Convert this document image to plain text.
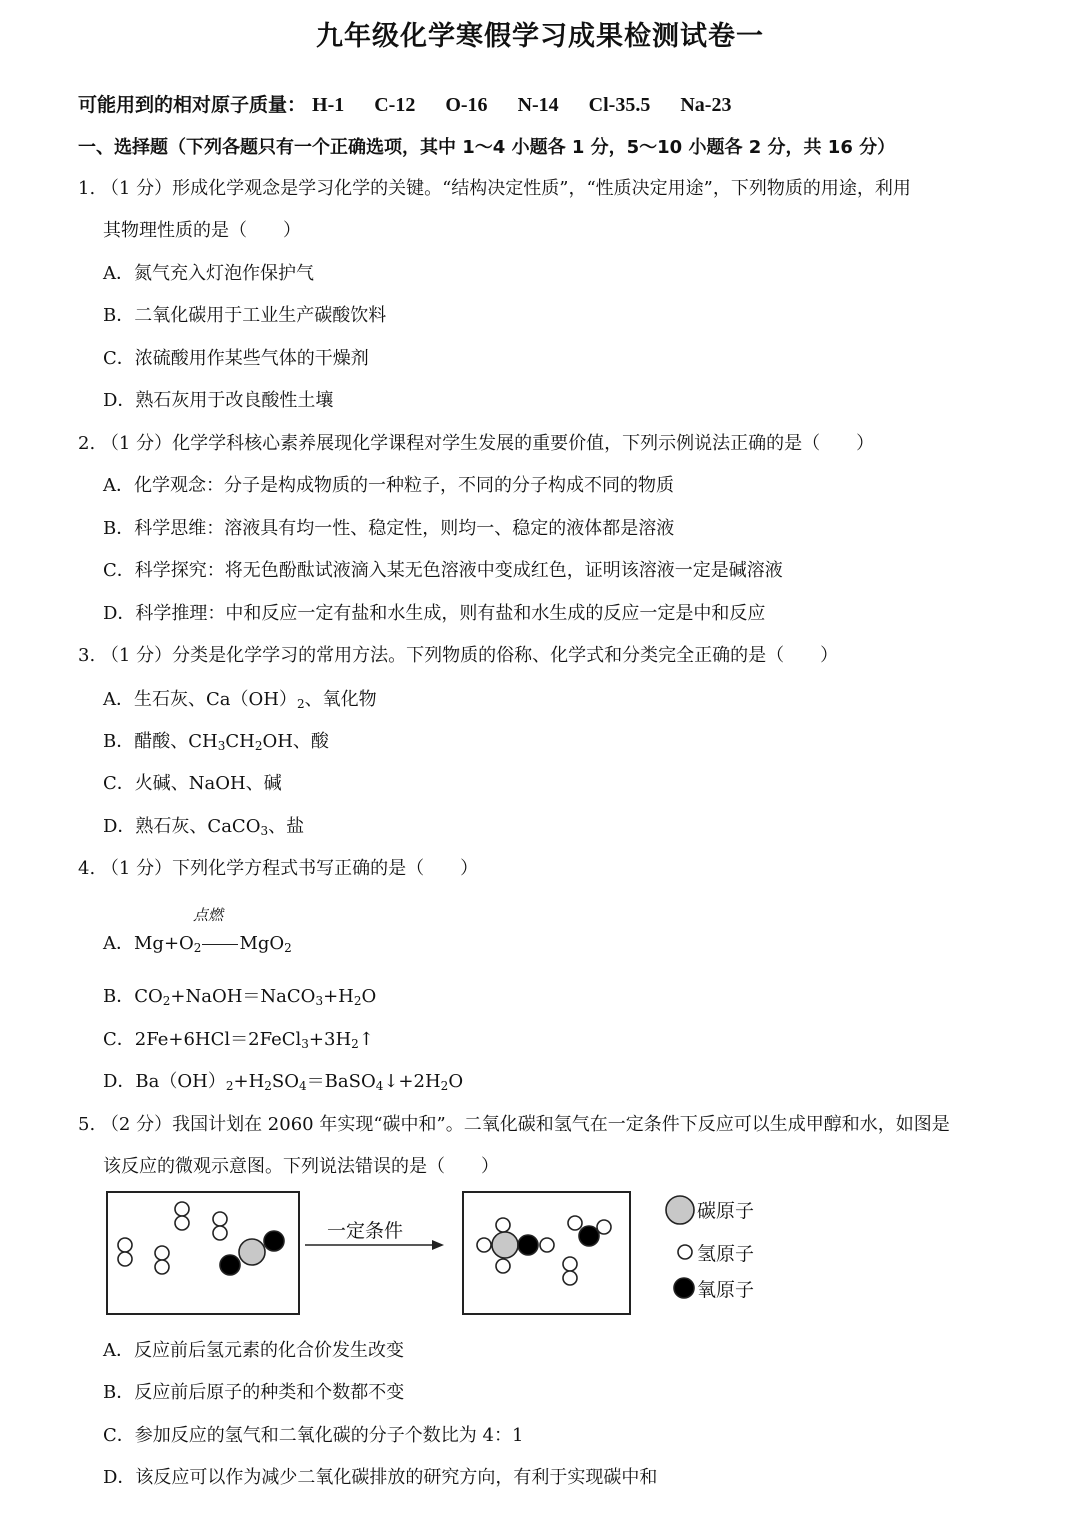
九年级化学寒假学习成果检测试卷一
可能用到的相对原子质量： H-1 C-12 O-16 N-14 Cl-35.5 Na-23
一、选择题（下列各题只有一个正确选项，其中 1～4 小题各 1 分，5～10 小题各 2 分，共 16 分）
1. （1 分）形成化学观念是学习化学的关键。“结构决定性质”，“性质决定用途”，下列物质的用途，利用
其物理性质的是（　　）
A．氮气充入灯泡作保护气
B．二氧化碳用于工业生产碳酸饮料
C．浓硫酸用作某些气体的干燥剂
D．熟石灰用于改良酸性土壤
2. （1 分）化学学科核心素养展现化学课程对学生发展的重要价值，下列示例说法正确的是（　　）
A．化学观念：分子是构成物质的一种粒子，不同的分子构成不同的物质
B．科学思维：溶液具有均一性、稳定性，则均一、稳定的液体都是溶液
C．科学探究：将无色酚酞试液滴入某无色溶液中变成红色，证明该溶液一定是碱溶液
D．科学推理：中和反应一定有盐和水生成，则有盐和水生成的反应一定是中和反应
3. （1 分）分类是化学学习的常用方法。下列物质的俗称、化学式和分类完全正确的是（　　）
A．生石灰、$Ca(OH)_2$、氧化物
B．醋酸、$CH_3CH_2OH$、酸
C．火碱、NaOH、碱
D．熟石灰、CaCO$_3$、盐
4. （1 分）下列化学方程式书写正确的是（　　）
点燃
A．$Mg+O_2$ MgO$_2$
B．$CO_2+NaOH=NaCO_3+H_2O$
C．$2Fe+6HCl=2FeCl_3+3H_2↑$
D．$Ba(OH)_2+H_2SO_4=BaSO_4↓+2H_2O$
5. （2 分）我国计划在 2060 年实现“碳中和”。二氧化碳和氢气在一定条件下反应可以生成甲醇和水，如图是
该反应的微观示意图。下列说法错误的是（　　）
一定条件
碳原子
氢原子
氧原子
A．反应前后氢元素的化合价发生改变
B．反应前后原子的种类和个数都不变
C．参加反应的氢气和二氧化碳的分子个数比为 4：1
D．该反应可以作为减少二氧化碳排放的研究方向，有利于实现碳中和
